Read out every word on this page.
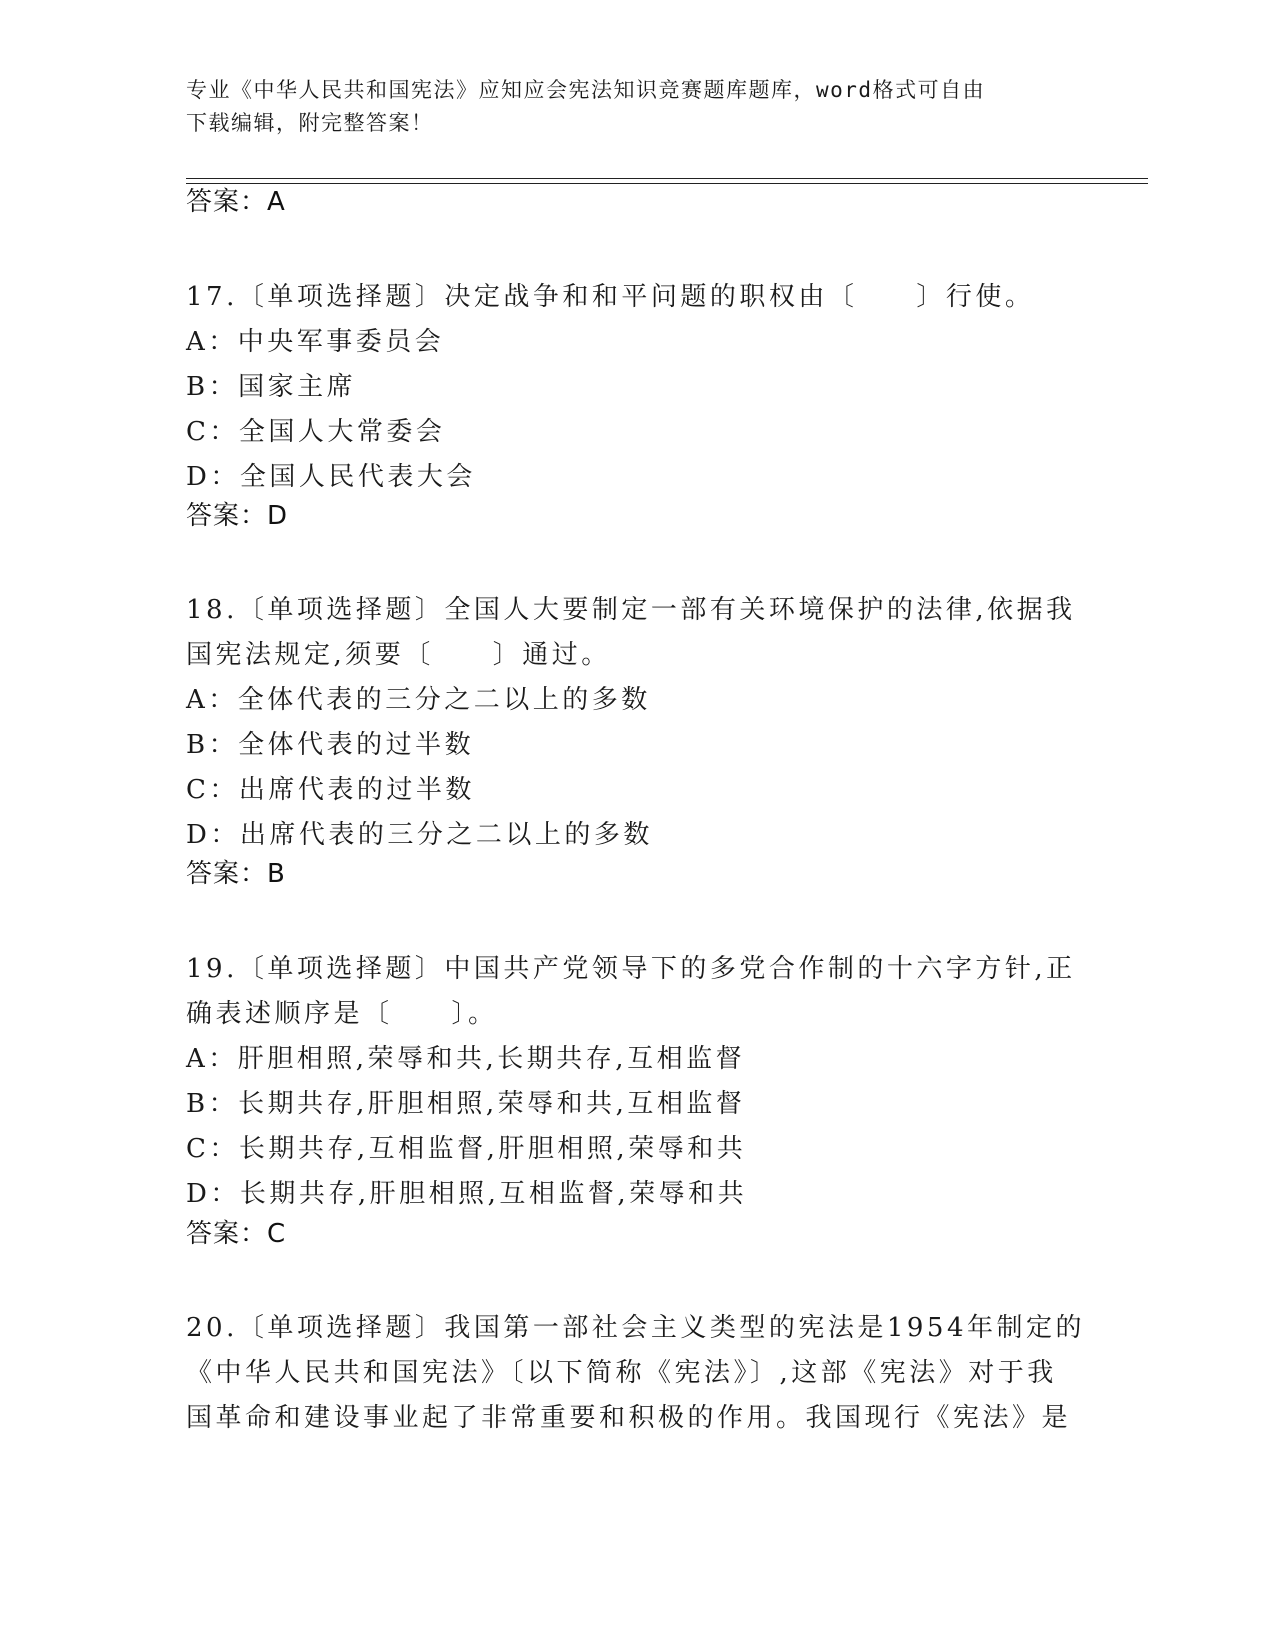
专业《中华人民共和国宪法》应知应会宪法知识竞赛题库题库，word格式可自由
下载编辑，附完整答案！
答案：A
17.〔单项选择题〕决定战争和和平问题的职权由〔　　〕行使。
A：中央军事委员会
B：国家主席
C：全国人大常委会
D：全国人民代表大会
答案：D
18.〔单项选择题〕全国人大要制定一部有关环境保护的法律,依据我
国宪法规定,须要〔　　〕通过。
A：全体代表的三分之二以上的多数
B：全体代表的过半数
C：出席代表的过半数
D：出席代表的三分之二以上的多数
答案：B
19.〔单项选择题〕中国共产党领导下的多党合作制的十六字方针,正
确表述顺序是〔　　〕。
A：肝胆相照,荣辱和共,长期共存,互相监督
B：长期共存,肝胆相照,荣辱和共,互相监督
C：长期共存,互相监督,肝胆相照,荣辱和共
D：长期共存,肝胆相照,互相监督,荣辱和共
答案：C
20.〔单项选择题〕我国第一部社会主义类型的宪法是1954年制定的
《中华人民共和国宪法》〔以下简称《宪法》〕,这部《宪法》对于我
国革命和建设事业起了非常重要和积极的作用。我国现行《宪法》是
